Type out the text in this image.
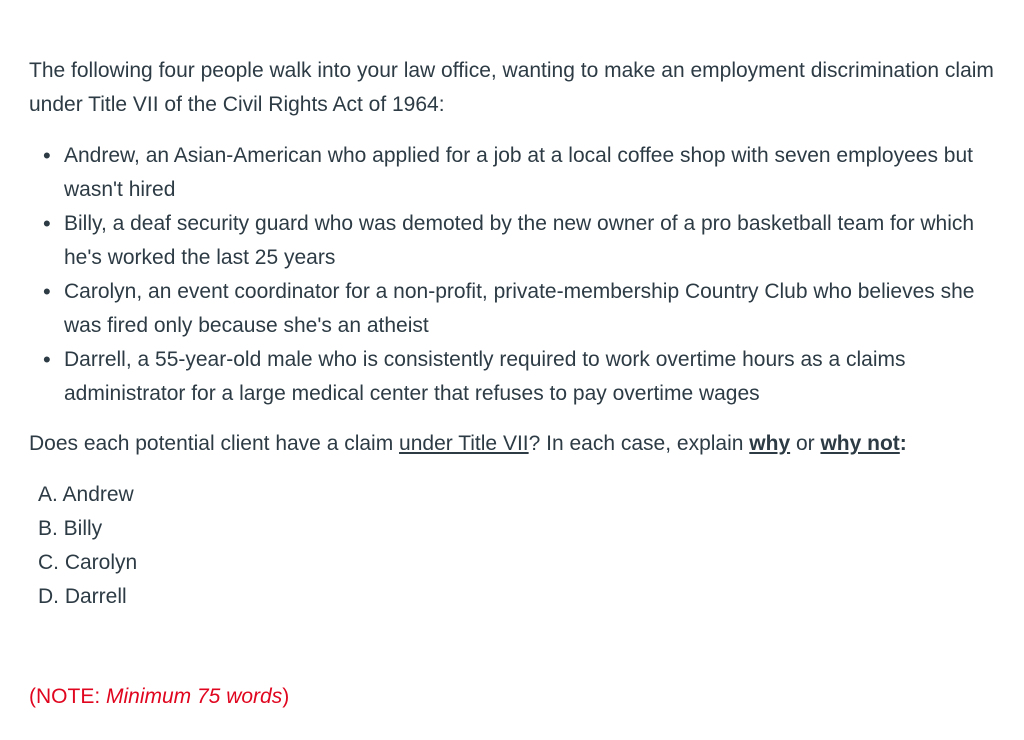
The following four people walk into your law office, wanting to make an employment discrimination claim under Title VII of the Civil Rights Act of 1964:

• Andrew, an Asian-American who applied for a job at a local coffee shop with seven employees but wasn't hired
• Billy, a deaf security guard who was demoted by the new owner of a pro basketball team for which he's worked the last 25 years
• Carolyn, an event coordinator for a non-profit, private-membership Country Club who believes she was fired only because she's an atheist
• Darrell, a 55-year-old male who is consistently required to work overtime hours as a claims administrator for a large medical center that refuses to pay overtime wages

Does each potential client have a claim under Title VII? In each case, explain why or why not:

A. Andrew
B. Billy
C. Carolyn
D. Darrell

(NOTE: Minimum 75 words)
